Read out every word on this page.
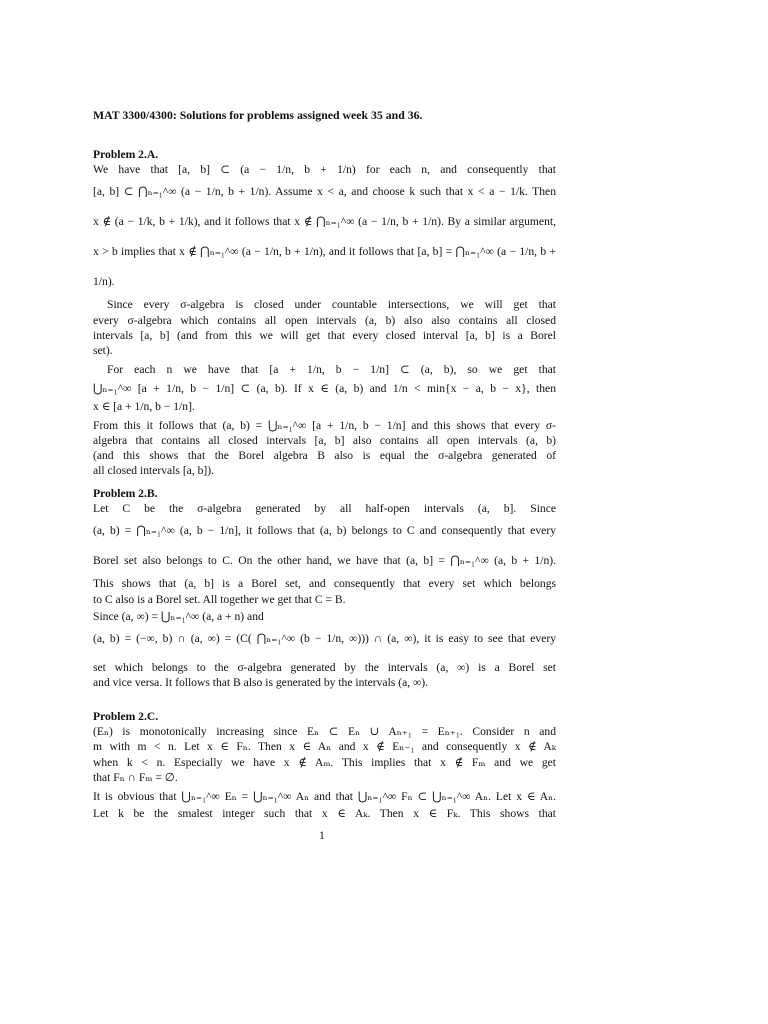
MAT 3300/4300: Solutions for problems assigned week 35 and 36.
Problem 2.A.
We have that [a, b] ⊂ (a − 1/n, b + 1/n) for each n, and consequently that
[a, b] ⊂ ⋂ₙ₌₁^∞ (a − 1/n, b + 1/n). Assume x < a, and choose k such that x < a − 1/k. Then
x ∉ (a − 1/k, b + 1/k), and it follows that x ∉ ⋂ₙ₌₁^∞ (a − 1/n, b + 1/n). By a similar argument,
x > b implies that x ∉ ⋂ₙ₌₁^∞ (a − 1/n, b + 1/n), and it follows that [a, b] = ⋂ₙ₌₁^∞ (a − 1/n, b + 1/n).
Since every σ-algebra is closed under countable intersections, we will get that
every σ-algebra which contains all open intervals (a, b) also also contains all closed
intervals [a, b] (and from this we will get that every closed interval [a, b] is a Borel
set).
For each n we have that [a + 1/n, b − 1/n] ⊂ (a, b), so we get that
⋃ₙ₌₁^∞ [a + 1/n, b − 1/n] ⊂ (a, b). If x ∈ (a, b) and 1/n < min{x − a, b − x}, then
x ∈ [a + 1/n, b − 1/n].
From this it follows that (a, b) = ⋃ₙ₌₁^∞ [a + 1/n, b − 1/n] and this shows that every σ-
algebra that contains all closed intervals [a, b] also contains all open intervals (a, b)
(and this shows that the Borel algebra B also is equal the σ-algebra generated of
all closed intervals [a, b]).
Problem 2.B.
Let C be the σ-algebra generated by all half-open intervals (a, b]. Since
(a, b) = ⋂ₙ₌₁^∞ (a, b − 1/n], it follows that (a, b) belongs to C and consequently that every
Borel set also belongs to C. On the other hand, we have that (a, b] = ⋂ₙ₌₁^∞ (a, b + 1/n).
This shows that (a, b] is a Borel set, and consequently that every set which belongs
to C also is a Borel set. All together we get that C = B.
Since (a, ∞) = ⋃ₙ₌₁^∞ (a, a + n) and
(a, b) = (−∞, b) ∩ (a, ∞) = (C( ⋂ₙ₌₁^∞ (b − 1/n, ∞))) ∩ (a, ∞), it is easy to see that every
set which belongs to the σ-algebra generated by the intervals (a, ∞) is a Borel set
and vice versa. It follows that B also is generated by the intervals (a, ∞).
Problem 2.C.
(Eₙ) is monotonically increasing since Eₙ ⊂ Eₙ ∪ Aₙ₊₁ = Eₙ₊₁. Consider n and
m with m < n. Let x ∈ Fₙ. Then x ∈ Aₙ and x ∉ Eₙ₋₁ and consequently x ∉ Aₖ
when k < n. Especially we have x ∉ Aₘ. This implies that x ∉ Fₘ and we get
that Fₙ ∩ Fₘ = ∅.
It is obvious that ⋃ₙ₌₁^∞ Eₙ = ⋃ₙ₌₁^∞ Aₙ and that ⋃ₙ₌₁^∞ Fₙ ⊂ ⋃ₙ₌₁^∞ Aₙ. Let x ∈ Aₙ.
Let k be the smalest integer such that x ∈ Aₖ. Then x ∈ Fₖ. This shows that
1
